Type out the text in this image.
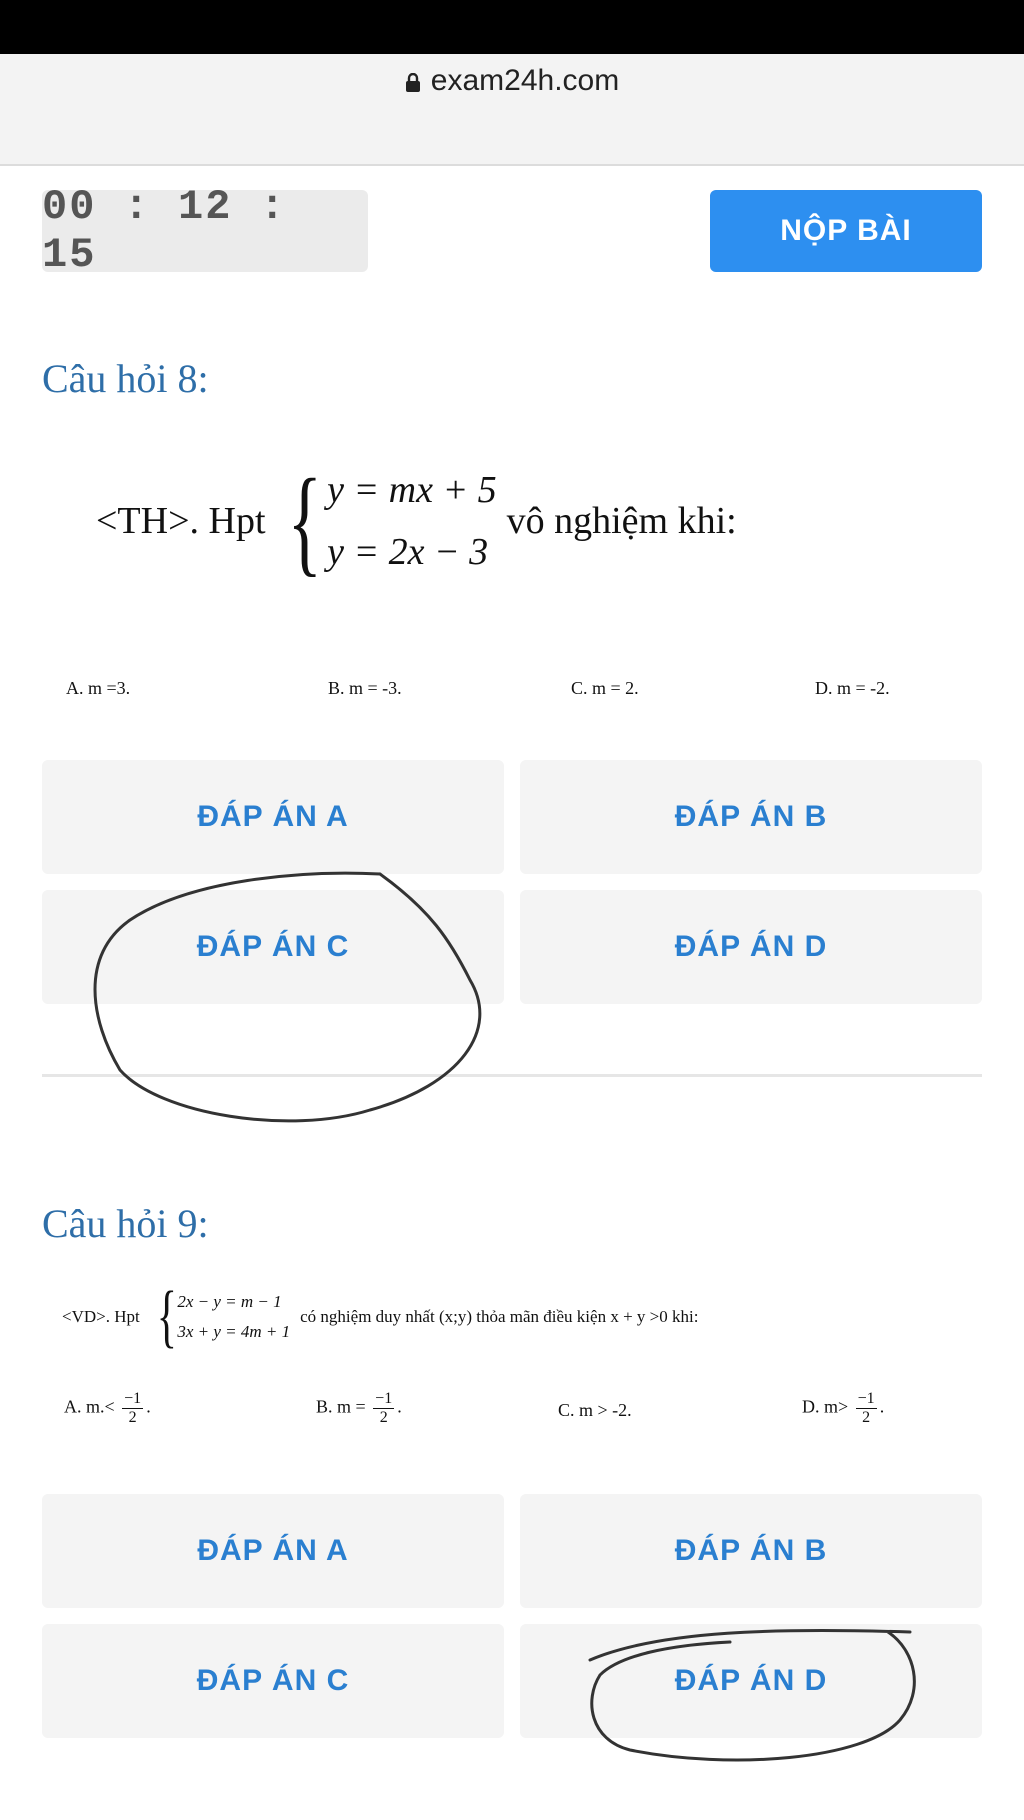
exam24h.com
00 : 12 : 15
NỘP BÀI
Câu hỏi 8:
<TH>. Hpt { y = mx + 5
y = 2x − 3
vô nghiệm khi:
A. m =3.	B. m = -3.	C. m = 2.	D. m = -2.
ĐÁP ÁN A	ĐÁP ÁN B
ĐÁP ÁN C	ĐÁP ÁN D
Câu hỏi 9:
<VD>. Hpt { 2x − y = m − 1
3x + y = 4m + 1
có nghiệm duy nhất (x;y) thỏa mãn điều kiện x + y >0 khi:
A. $m.< \frac{-1}{2}$ .	B. $m = \frac{-1}{2}$ .	C. m > -2.	D. $m> \frac{-1}{2}$ .
ĐÁP ÁN A	ĐÁP ÁN B
ĐÁP ÁN C	ĐÁP ÁN D
